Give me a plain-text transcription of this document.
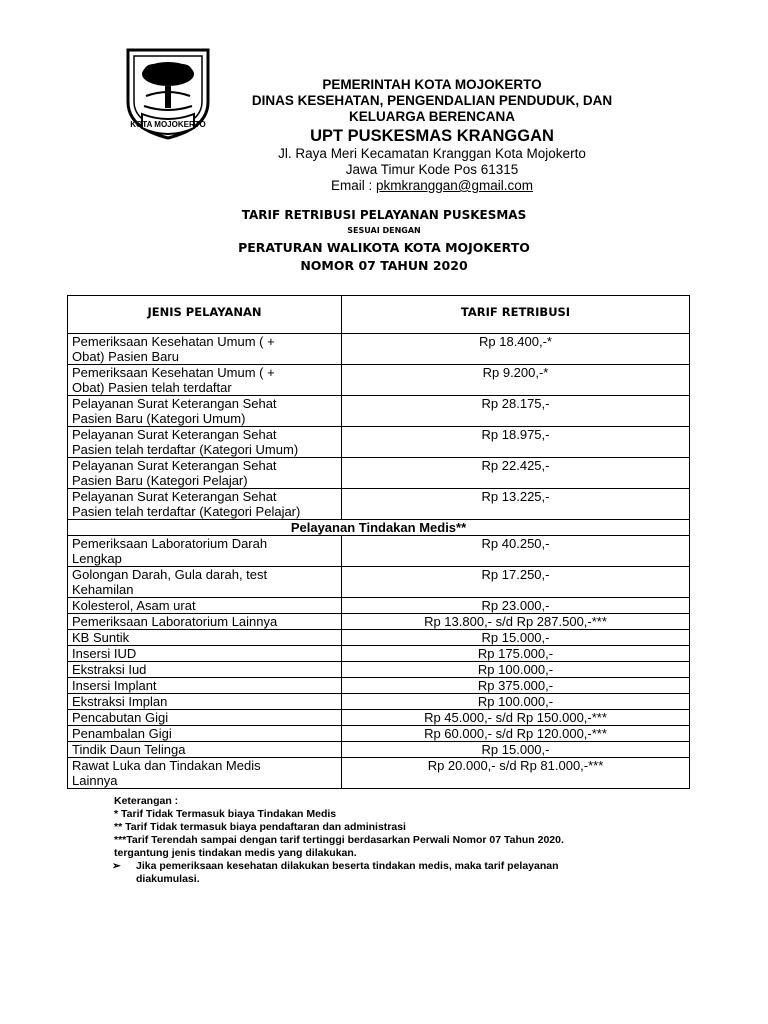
KOTA MOJOKERTO
PEMERINTAH KOTA MOJOKERTO
DINAS KESEHATAN, PENGENDALIAN PENDUDUK, DAN
KELUARGA BERENCANA
UPT PUSKESMAS KRANGGAN
Jl. Raya Meri Kecamatan Kranggan Kota Mojokerto
Jawa Timur Kode Pos 61315
Email : pkmkranggan@gmail.com
TARIF RETRIBUSI PELAYANAN PUSKESMAS
SESUAI DENGAN
PERATURAN WALIKOTA KOTA MOJOKERTO
NOMOR 07 TAHUN 2020
JENIS PELAYANAN	TARIF RETRIBUSI
Pemeriksaan Kesehatan Umum ( +
Obat) Pasien Baru	Rp 18.400,-*
Pemeriksaan Kesehatan Umum ( +
Obat) Pasien telah terdaftar	Rp 9.200,-*
Pelayanan Surat Keterangan Sehat
Pasien Baru (Kategori Umum)	Rp 28.175,-
Pelayanan Surat Keterangan Sehat
Pasien telah terdaftar (Kategori Umum)	Rp 18.975,-
Pelayanan Surat Keterangan Sehat
Pasien Baru (Kategori Pelajar)	Rp 22.425,-
Pelayanan Surat Keterangan Sehat
Pasien telah terdaftar (Kategori Pelajar)	Rp 13.225,-
Pelayanan Tindakan Medis**	
Pemeriksaan Laboratorium Darah
Lengkap	Rp 40.250,-
Golongan Darah, Gula darah, test
Kehamilan	Rp 17.250,-
Kolesterol, Asam urat	Rp 23.000,-
Pemeriksaan Laboratorium Lainnya	Rp 13.800,- s/d Rp 287.500,-***
KB Suntik	Rp 15.000,-
Insersi IUD	Rp 175.000,-
Ekstraksi Iud	Rp 100.000,-
Insersi Implant	Rp 375.000,-
Ekstraksi Implan	Rp 100.000,-
Pencabutan Gigi	Rp 45.000,- s/d Rp 150.000,-***
Penambalan Gigi	Rp 60.000,- s/d Rp 120.000,-***
Tindik Daun Telinga	Rp 15.000,-
Rawat Luka dan Tindakan Medis
Lainnya	Rp 20.000,- s/d Rp 81.000,-***
Keterangan :
* Tarif Tidak Termasuk biaya Tindakan Medis
** Tarif Tidak termasuk biaya pendaftaran dan administrasi
***Tarif Terendah sampai dengan tarif tertinggi berdasarkan Perwali Nomor 07 Tahun 2020.
tergantung jenis tindakan medis yang dilakukan.
➢	Jika pemeriksaan kesehatan dilakukan beserta tindakan medis, maka tarif pelayanan
diakumulasi.
